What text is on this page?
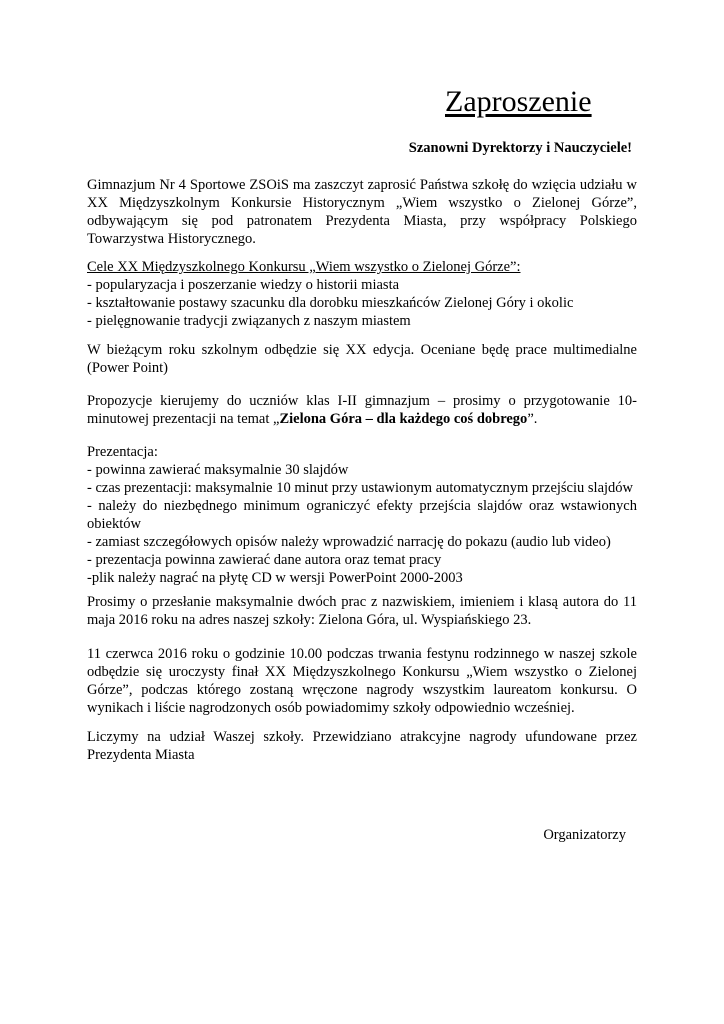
Zaproszenie
Szanowni Dyrektorzy i Nauczyciele!

Gimnazjum Nr 4 Sportowe ZSOiS ma zaszczyt zaprosić Państwa szkołę do wzięcia udziału w XX Międzyszkolnym Konkursie Historycznym „Wiem wszystko o Zielonej Górze”, odbywającym się pod patronatem Prezydenta Miasta, przy współpracy Polskiego Towarzystwa Historycznego.

Cele XX Międzyszkolnego Konkursu „Wiem wszystko o Zielonej Górze”:

- popularyzacja i poszerzanie wiedzy o historii miasta

- kształtowanie postawy szacunku dla dorobku mieszkańców Zielonej Góry i okolic

- pielęgnowanie tradycji związanych z naszym miastem

W bieżącym roku szkolnym odbędzie się XX edycja. Oceniane będę prace multimedialne (Power Point)

Propozycje kierujemy do uczniów klas I-II gimnazjum – prosimy o przygotowanie 10-minutowej prezentacji na temat „Zielona Góra – dla każdego coś dobrego”.

Prezentacja:

- powinna zawierać maksymalnie 30 slajdów

- czas prezentacji: maksymalnie 10 minut przy ustawionym automatycznym przejściu slajdów

- należy do niezbędnego minimum ograniczyć efekty przejścia slajdów oraz wstawionych obiektów

- zamiast szczegółowych opisów należy wprowadzić narrację do pokazu (audio lub video)

- prezentacja powinna zawierać dane autora oraz temat pracy

-plik należy nagrać na płytę CD w wersji PowerPoint 2000-2003

Prosimy o przesłanie maksymalnie dwóch prac z nazwiskiem, imieniem i klasą autora do 11 maja 2016 roku na adres naszej szkoły: Zielona Góra, ul. Wyspiańskiego 23.

11 czerwca 2016 roku o godzinie 10.00 podczas trwania festynu rodzinnego w naszej szkole odbędzie się uroczysty finał XX Międzyszkolnego Konkursu „Wiem wszystko o Zielonej Górze”, podczas którego zostaną wręczone nagrody wszystkim laureatom konkursu. O wynikach i liście nagrodzonych osób powiadomimy szkoły odpowiednio wcześniej.

Liczymy na udział Waszej szkoły. Przewidziano atrakcyjne nagrody ufundowane przez Prezydenta Miasta

Organizatorzy
